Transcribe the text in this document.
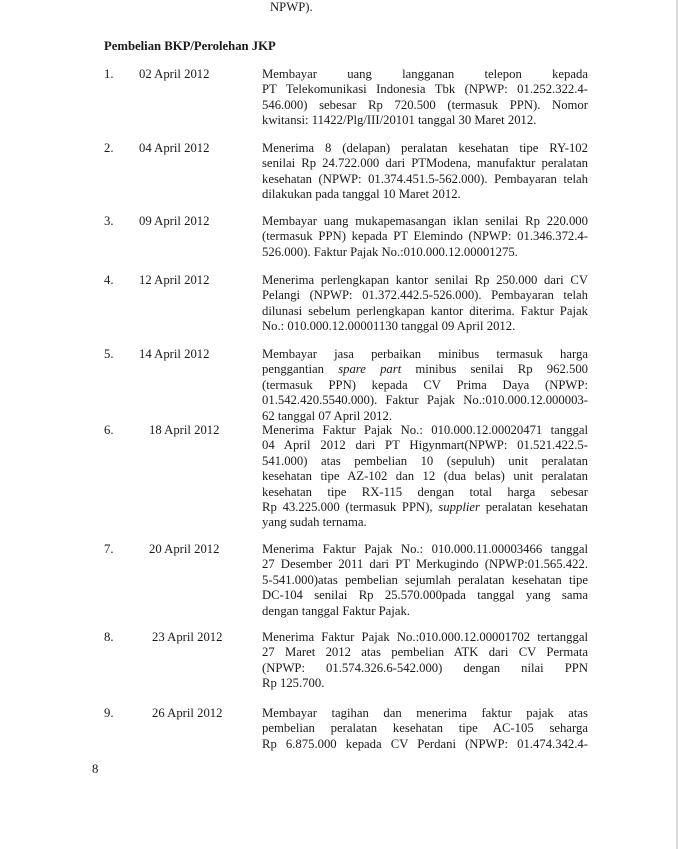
NPWP).
Pembelian BKP/Perolehan JKP
1. 02 April 2012	Membayar uang langganan telepon kepada
PT Telekomunikasi Indonesia Tbk (NPWP: 01.252.322.4-
546.000) sebesar Rp 720.500 (termasuk PPN). Nomor
kwitansi: 11422/Plg/III/20101 tanggal 30 Maret 2012.
2. 04 April 2012	Menerima 8 (delapan) peralatan kesehatan tipe RY-102
senilai Rp 24.722.000 dari PTModena, manufaktur peralatan
kesehatan (NPWP: 01.374.451.5-562.000). Pembayaran telah
dilakukan pada tanggal 10 Maret 2012.
3. 09 April 2012	Membayar uang mukapemasangan iklan senilai Rp 220.000
(termasuk PPN) kepada PT Elemindo (NPWP: 01.346.372.4-
526.000). Faktur Pajak No.:010.000.12.00001275.
4. 12 April 2012	Menerima perlengkapan kantor senilai Rp 250.000 dari CV
Pelangi (NPWP: 01.372.442.5-526.000). Pembayaran telah
dilunasi sebelum perlengkapan kantor diterima. Faktur Pajak
No.: 010.000.12.00001130 tanggal 09 April 2012.
5. 14 April 2012	Membayar jasa perbaikan minibus termasuk harga
penggantian spare part minibus senilai Rp 962.500
(termasuk PPN) kepada CV Prima Daya (NPWP:
01.542.420.5540.000). Faktur Pajak No.:010.000.12.000003-
62 tanggal 07 April 2012.
6.	18 April 2012	Menerima Faktur Pajak No.: 010.000.12.00020471 tanggal
04 April 2012 dari PT Higynmart(NPWP: 01.521.422.5-
541.000) atas pembelian 10 (sepuluh) unit peralatan
kesehatan tipe AZ-102 dan 12 (dua belas) unit peralatan
kesehatan tipe RX-115 dengan total harga sebesar
Rp 43.225.000 (termasuk PPN), supplier peralatan kesehatan
yang sudah ternama.
7.	20 April 2012	Menerima Faktur Pajak No.: 010.000.11.00003466 tanggal
27 Desember 2011 dari PT Merkugindo (NPWP:01.565.422.
5-541.000)atas pembelian sejumlah peralatan kesehatan tipe
DC-104 senilai Rp 25.570.000pada tanggal yang sama
dengan tanggal Faktur Pajak.
8.	23 April 2012	Menerima Faktur Pajak No.:010.000.12.00001702 tertanggal
27 Maret 2012 atas pembelian ATK dari CV Permata
(NPWP: 01.574.326.6-542.000) dengan nilai PPN
Rp 125.700.
9.	26 April 2012	Membayar tagihan dan menerima faktur pajak atas
pembelian peralatan kesehatan tipe AC-105 seharga
Rp 6.875.000 kepada CV Perdani (NPWP: 01.474.342.4-
8
